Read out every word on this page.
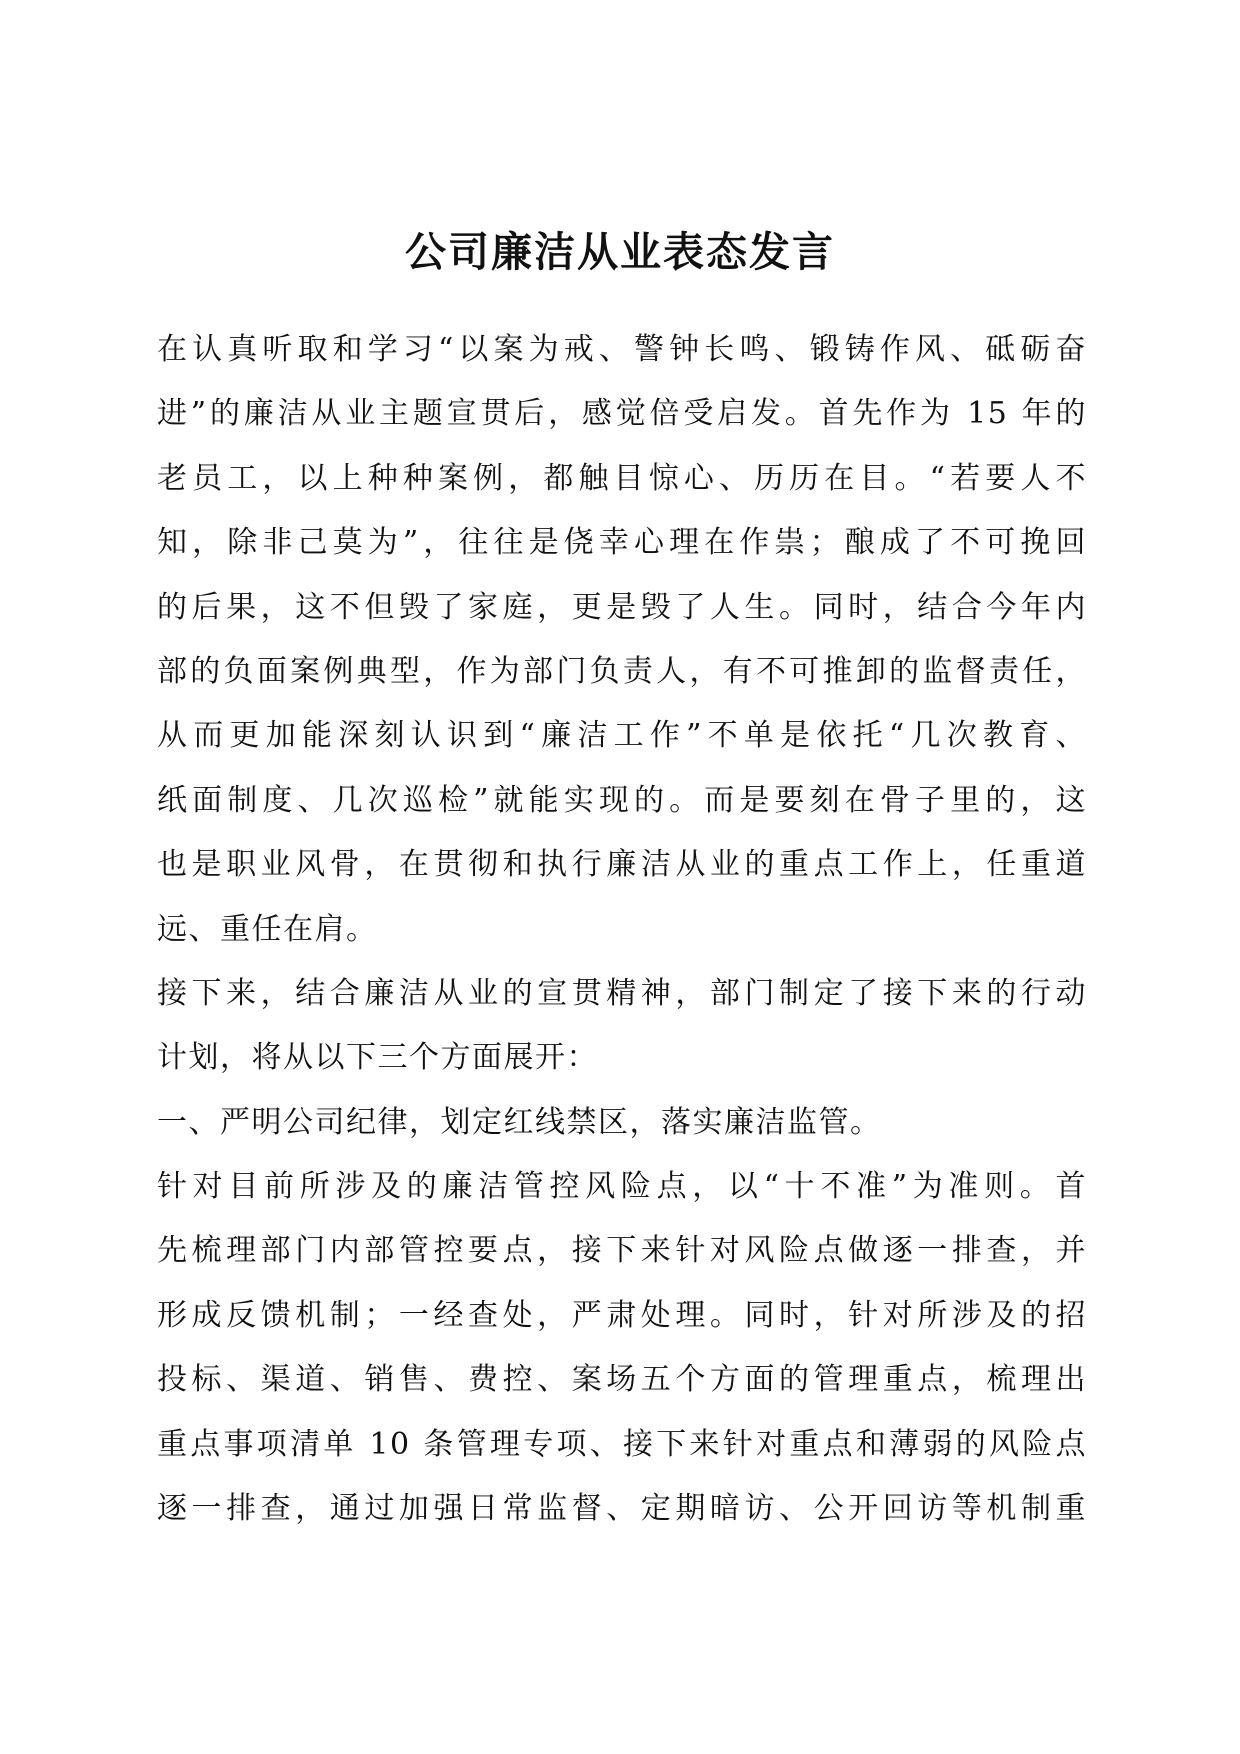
公司廉洁从业表态发言
在认真听取和学习“以案为戒、警钟长鸣、锻铸作风、砥砺奋
进”的廉洁从业主题宣贯后，感觉倍受启发。首先作为 15 年的
老员工，以上种种案例，都触目惊心、历历在目。“若要人不
知，除非己莫为”，往往是侥幸心理在作祟；酿成了不可挽回
的后果，这不但毁了家庭，更是毁了人生。同时，结合今年内
部的负面案例典型，作为部门负责人，有不可推卸的监督责任，
从而更加能深刻认识到“廉洁工作”不单是依托“几次教育、
纸面制度、几次巡检”就能实现的。而是要刻在骨子里的，这
也是职业风骨，在贯彻和执行廉洁从业的重点工作上，任重道
远、重任在肩。
接下来，结合廉洁从业的宣贯精神，部门制定了接下来的行动
计划，将从以下三个方面展开：
一、严明公司纪律，划定红线禁区，落实廉洁监管。
针对目前所涉及的廉洁管控风险点，以“十不准”为准则。首
先梳理部门内部管控要点，接下来针对风险点做逐一排查，并
形成反馈机制；一经查处，严肃处理。同时，针对所涉及的招
投标、渠道、销售、费控、案场五个方面的管理重点，梳理出
重点事项清单 10 条管理专项、接下来针对重点和薄弱的风险点
逐一排查，通过加强日常监督、定期暗访、公开回访等机制重
